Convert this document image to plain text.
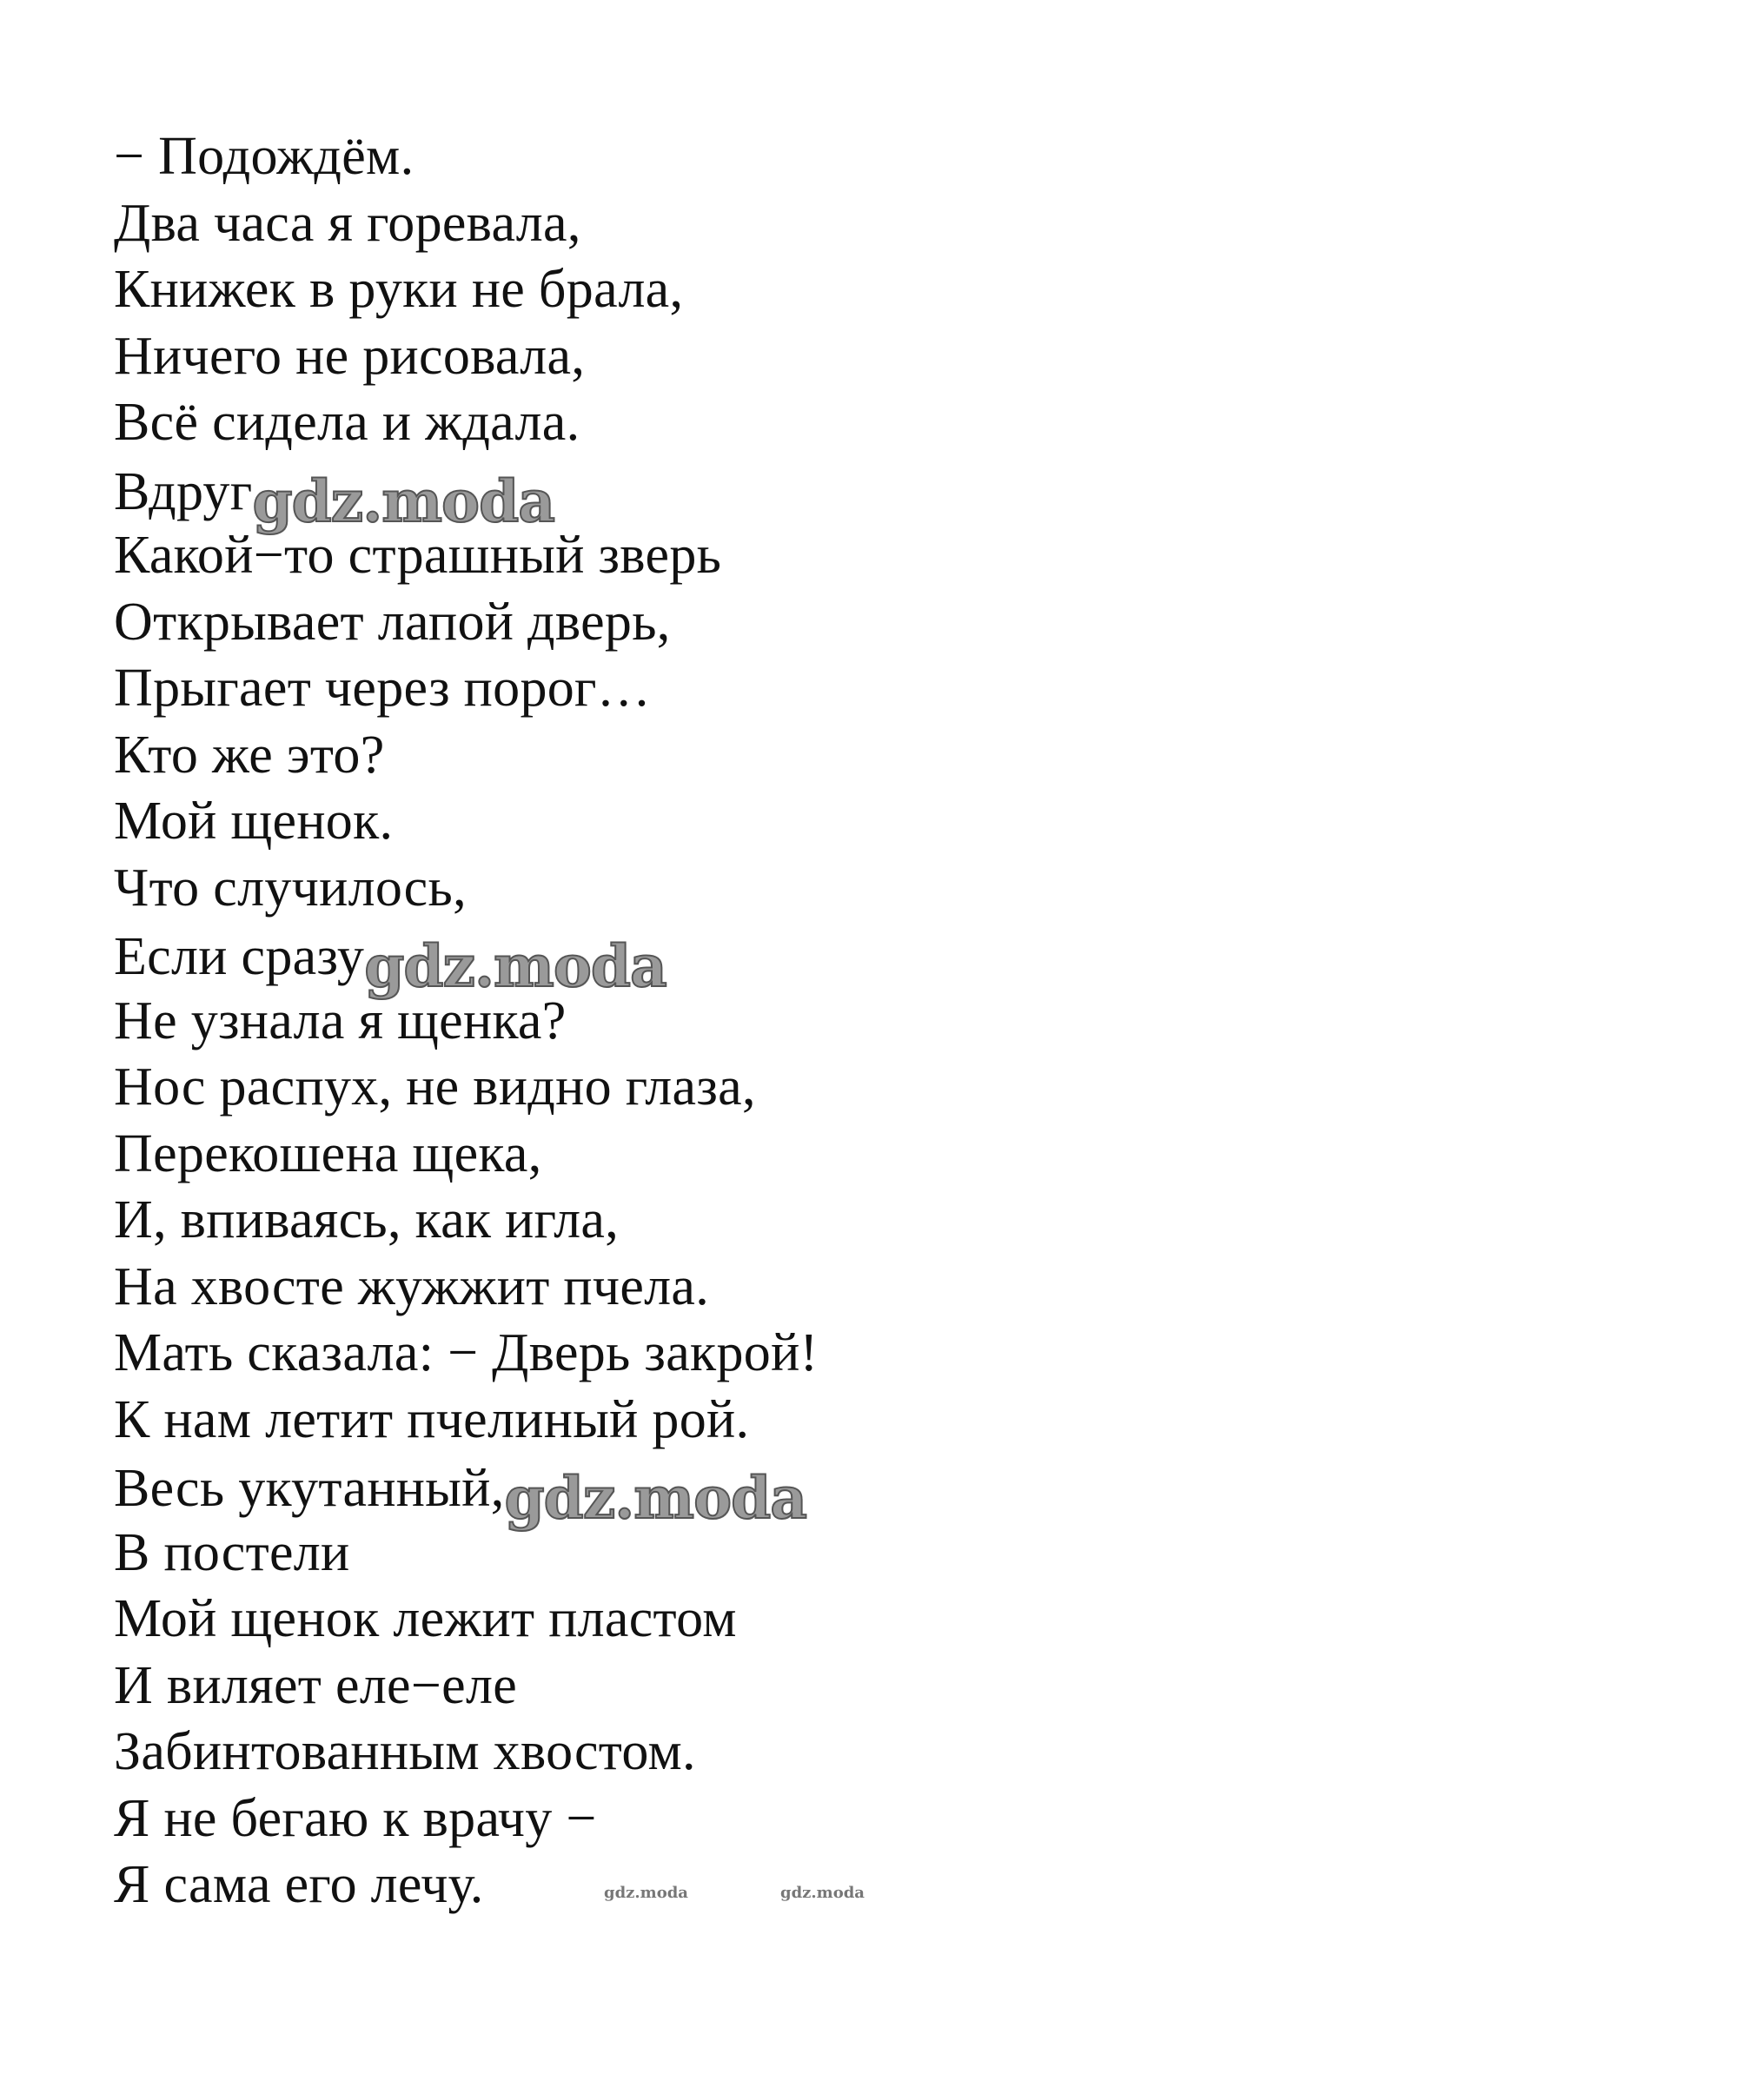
− Подождём.
Два часа я горевала,
Книжек в руки не брала,
Ничего не рисовала,
Всё сидела и ждала.
Вдругgdz.moda
Какой−то страшный зверь
Открывает лапой дверь,
Прыгает через порог…
Кто же это?
Мой щенок.
Что случилось,
Если сразуgdz.moda
Не узнала я щенка?
Нос распух, не видно глаза,
Перекошена щека,
И, впиваясь, как игла,
На хвосте жужжит пчела.
Мать сказала: − Дверь закрой!
К нам летит пчелиный рой.
Весь укутанный,gdz.moda
В постели
Мой щенок лежит пластом
И виляет еле−еле
Забинтованным хвостом.
Я не бегаю к врачу −
Я сама его лечу.	gdz.moda	gdz.moda
